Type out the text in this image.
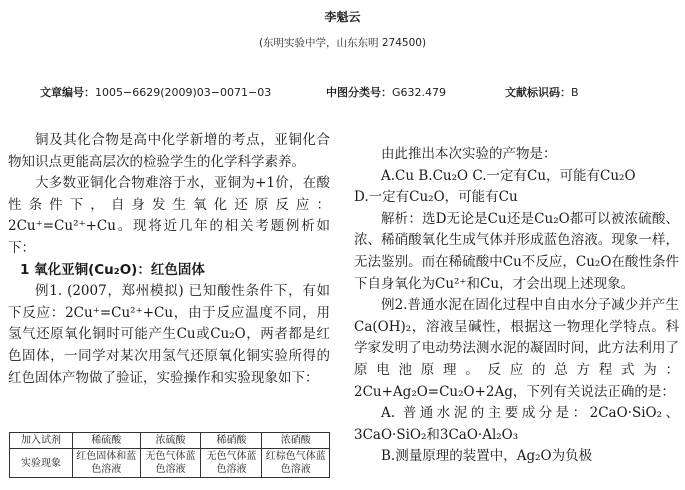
李魁云
(东明实验中学，山东东明 274500)
文章编号：1005−6629(2009)03−0071−03	中图分类号：G632.479	文献标识码：B

铜及其化合物是高中化学新增的考点，亚铜化合物知识点更能高层次的检验学生的化学科学素养。

大多数亚铜化合物难溶于水，亚铜为+1价，在酸性条件下，自身发生氧化还原反应：2Cu⁺=Cu²⁺+Cu。现将近几年的相关考题例析如下：

1 氧化亚铜(Cu₂O)：红色固体

例1. (2007，郑州模拟) 已知酸性条件下，有如下反应：2Cu⁺=Cu²⁺+Cu，由于反应温度不同，用氢气还原氧化铜时可能产生Cu或Cu₂O，两者都是红色固体，一同学对某次用氢气还原氧化铜实验所得的红色固体产物做了验证，实验操作和实验现象如下：

加入试剂	稀硫酸	浓硫酸	稀硝酸	浓硝酸
实验现象	红色固体和蓝色溶液	无色气体蓝色溶液	无色气体蓝色溶液	红棕色气体蓝色溶液

由此推出本次实验的产物是：

A.Cu B.Cu₂O C.一定有Cu，可能有Cu₂O

D.一定有Cu₂O，可能有Cu

解析：选D无论是Cu还是Cu₂O都可以被浓硫酸、浓、稀硝酸氧化生成气体并形成蓝色溶液。现象一样，无法鉴别。而在稀硫酸中Cu不反应，Cu₂O在酸性条件下自身氧化为Cu²⁺和Cu，才会出现上述现象。

例2.普通水泥在固化过程中自由水分子减少并产生 Ca(OH)₂，溶液呈碱性，根据这一物理化学特点。科学家发明了电动势法测水泥的凝固时间，此方法利用了原电池原理。反应的总方程式为：2Cu+Ag₂O=Cu₂O+2Ag，下列有关说法正确的是：

A. 普通水泥的主要成分是：2CaO·SiO₂、3CaO·SiO₂和3CaO·Al₂O₃

B.测量原理的装置中，Ag₂O为负极
